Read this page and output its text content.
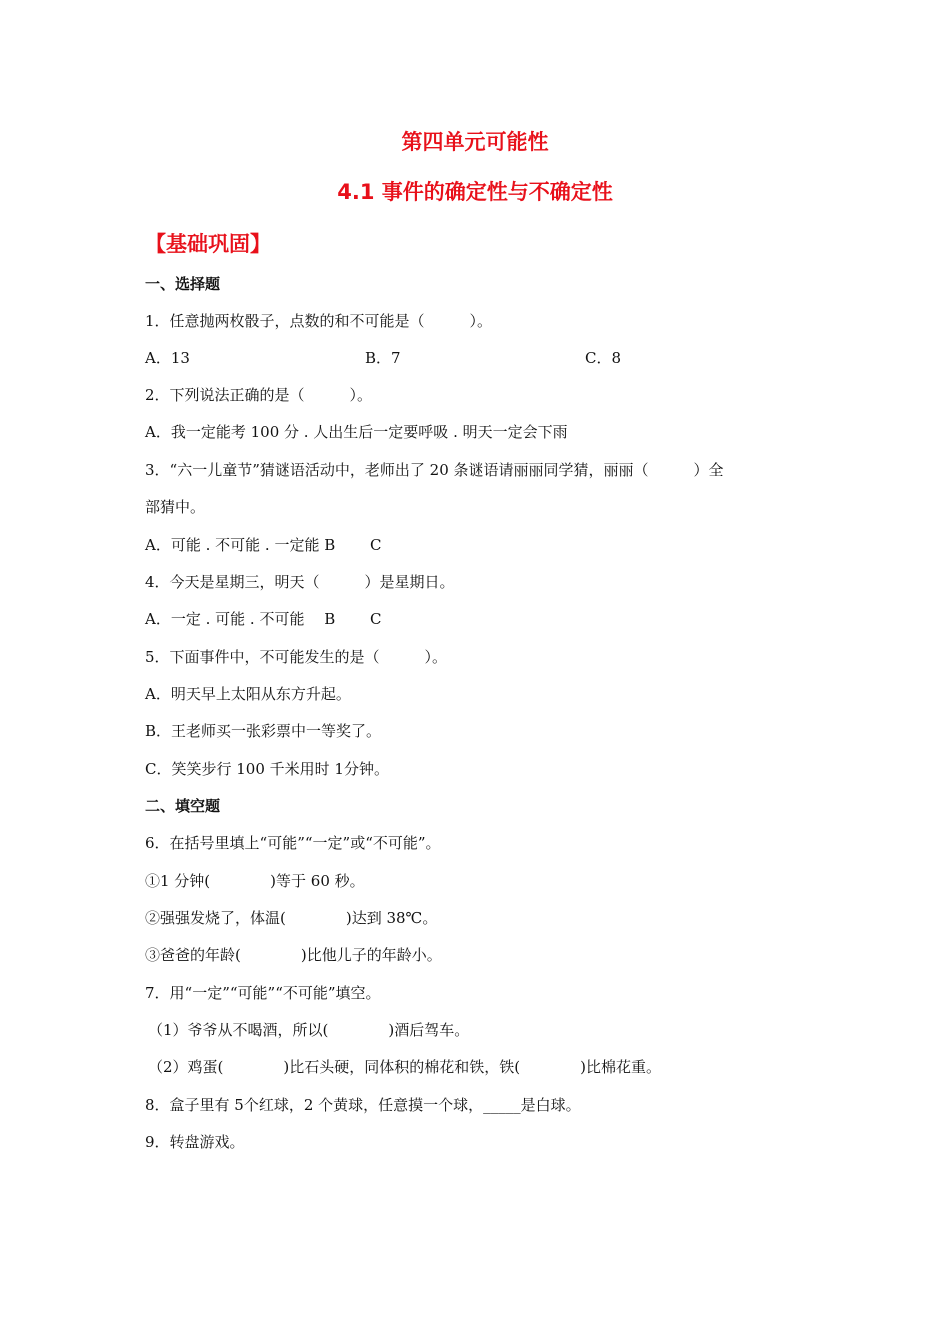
第四单元可能性
4.1 事件的确定性与不确定性
【基础巩固】
一、选择题
1．任意抛两枚骰子，点数的和不可能是（　　　）。
A．13	B．7	C．8
2．下列说法正确的是（　　　）。
A．我一定能考 100 分 . 人出生后一定要呼吸 . 明天一定会下雨
3．“六一儿童节”猜谜语活动中，老师出了 20 条谜语请丽丽同学猜，丽丽（　　　）全
部猜中。
A．可能 . 不可能 . 一定能 B　　 C
4．今天是星期三，明天（　　　）是星期日。
A．一定 . 可能 . 不可能　 B　　 C
5．下面事件中，不可能发生的是（　　　）。
A．明天早上太阳从东方升起。
B．王老师买一张彩票中一等奖了。
C．笑笑步行 100 千米用时 1分钟。
二、填空题
6．在括号里填上“可能”“一定”或“不可能”。
①1 分钟(　　　　)等于 60 秒。
②强强发烧了，体温(　　　　)达到 38℃。
③爸爸的年龄(　　　　)比他儿子的年龄小。
7．用“一定”“可能”“不可能”填空。
（1）爷爷从不喝酒，所以(　　　　)酒后驾车。
（2）鸡蛋(　　　　)比石头硬，同体积的棉花和铁，铁(　　　　)比棉花重。
8．盒子里有 5个红球，2 个黄球，任意摸一个球，_____是白球。
9．转盘游戏。
